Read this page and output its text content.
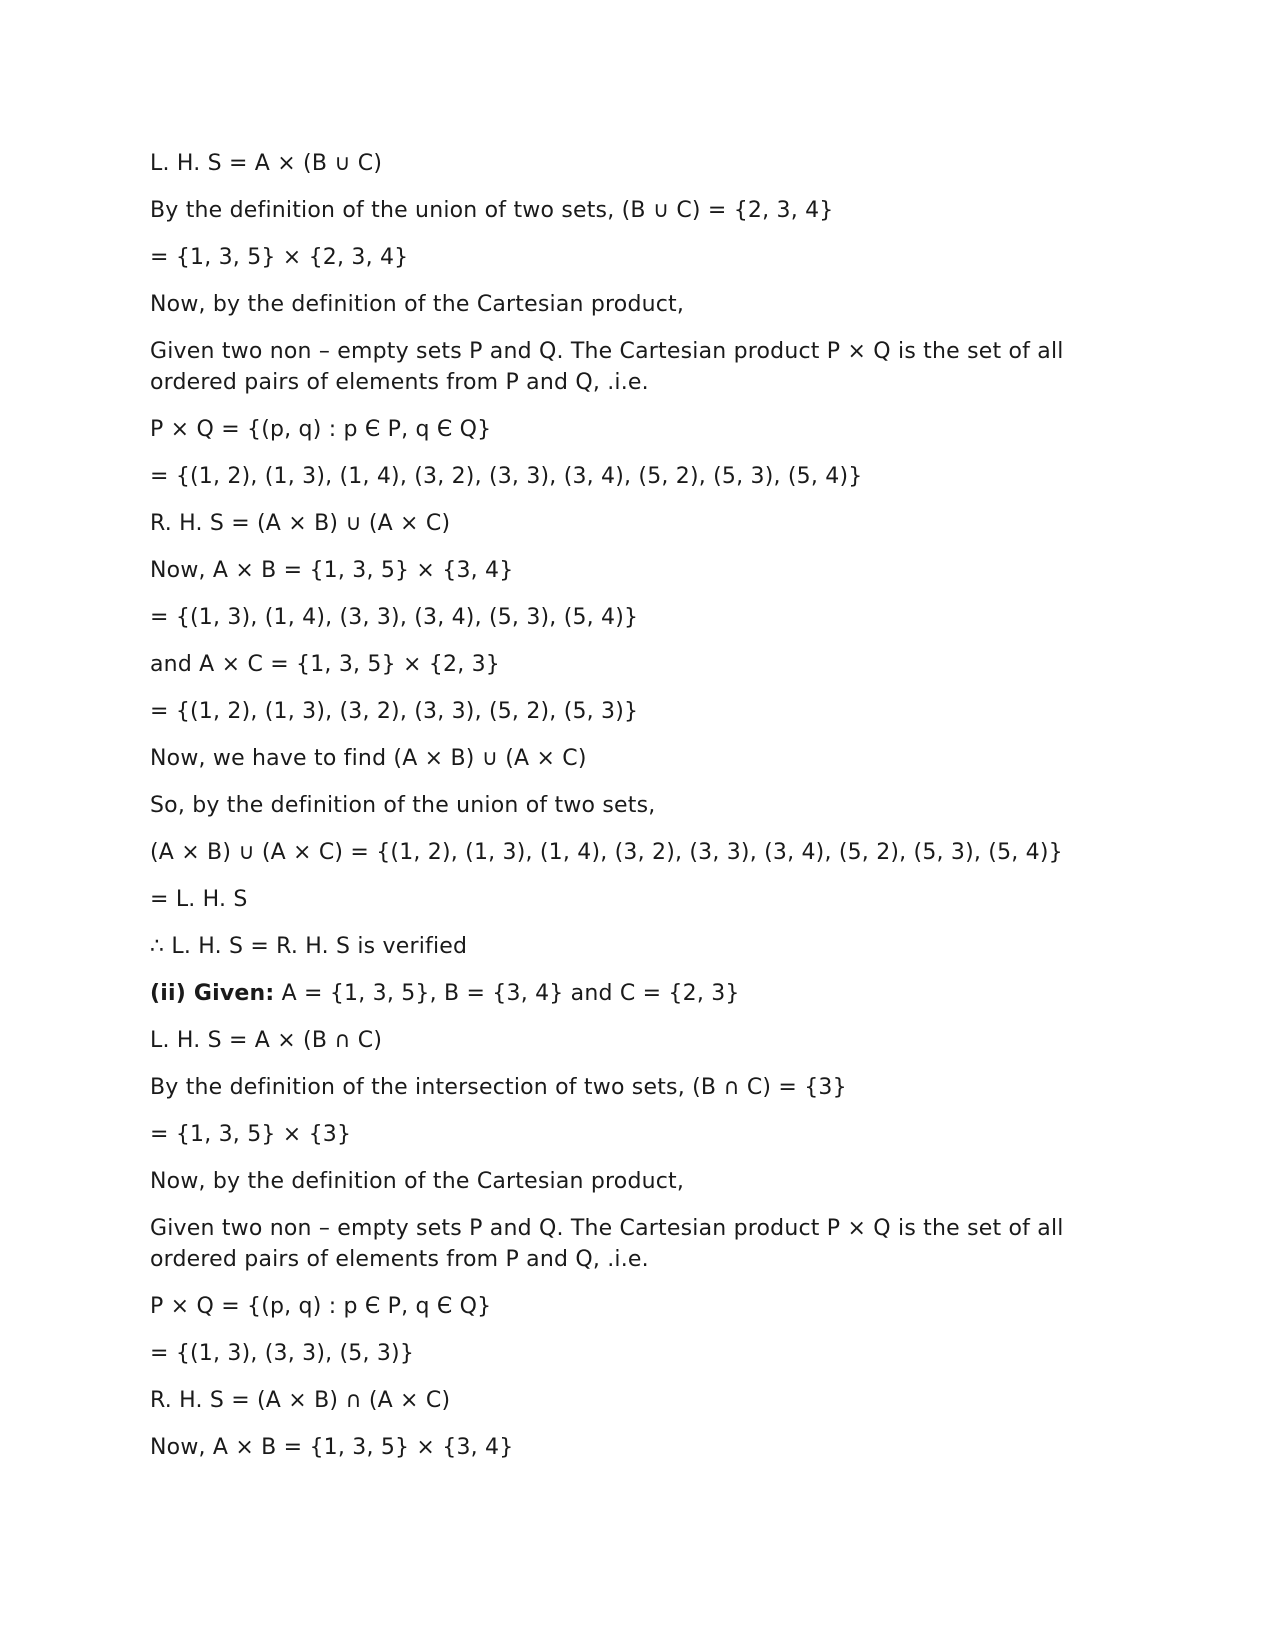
L. H. S = A × (B ∪ C)
By the definition of the union of two sets, (B ∪ C) = {2, 3, 4}
= {1, 3, 5} × {2, 3, 4}
Now, by the definition of the Cartesian product,
Given two non – empty sets P and Q. The Cartesian product P × Q is the set of all
ordered pairs of elements from P and Q, .i.e.
P × Q = {(p, q) : p Є P, q Є Q}
= {(1, 2), (1, 3), (1, 4), (3, 2), (3, 3), (3, 4), (5, 2), (5, 3), (5, 4)}
R. H. S = (A × B) ∪ (A × C)
Now, A × B = {1, 3, 5} × {3, 4}
= {(1, 3), (1, 4), (3, 3), (3, 4), (5, 3), (5, 4)}
and A × C = {1, 3, 5} × {2, 3}
= {(1, 2), (1, 3), (3, 2), (3, 3), (5, 2), (5, 3)}
Now, we have to find (A × B) ∪ (A × C)
So, by the definition of the union of two sets,
(A × B) ∪ (A × C) = {(1, 2), (1, 3), (1, 4), (3, 2), (3, 3), (3, 4), (5, 2), (5, 3), (5, 4)}
= L. H. S
∴ L. H. S = R. H. S is verified
(ii) Given: A = {1, 3, 5}, B = {3, 4} and C = {2, 3}
L. H. S = A × (B ∩ C)
By the definition of the intersection of two sets, (B ∩ C) = {3}
= {1, 3, 5} × {3}
Now, by the definition of the Cartesian product,
Given two non – empty sets P and Q. The Cartesian product P × Q is the set of all
ordered pairs of elements from P and Q, .i.e.
P × Q = {(p, q) : p Є P, q Є Q}
= {(1, 3), (3, 3), (5, 3)}
R. H. S = (A × B) ∩ (A × C)
Now, A × B = {1, 3, 5} × {3, 4}
